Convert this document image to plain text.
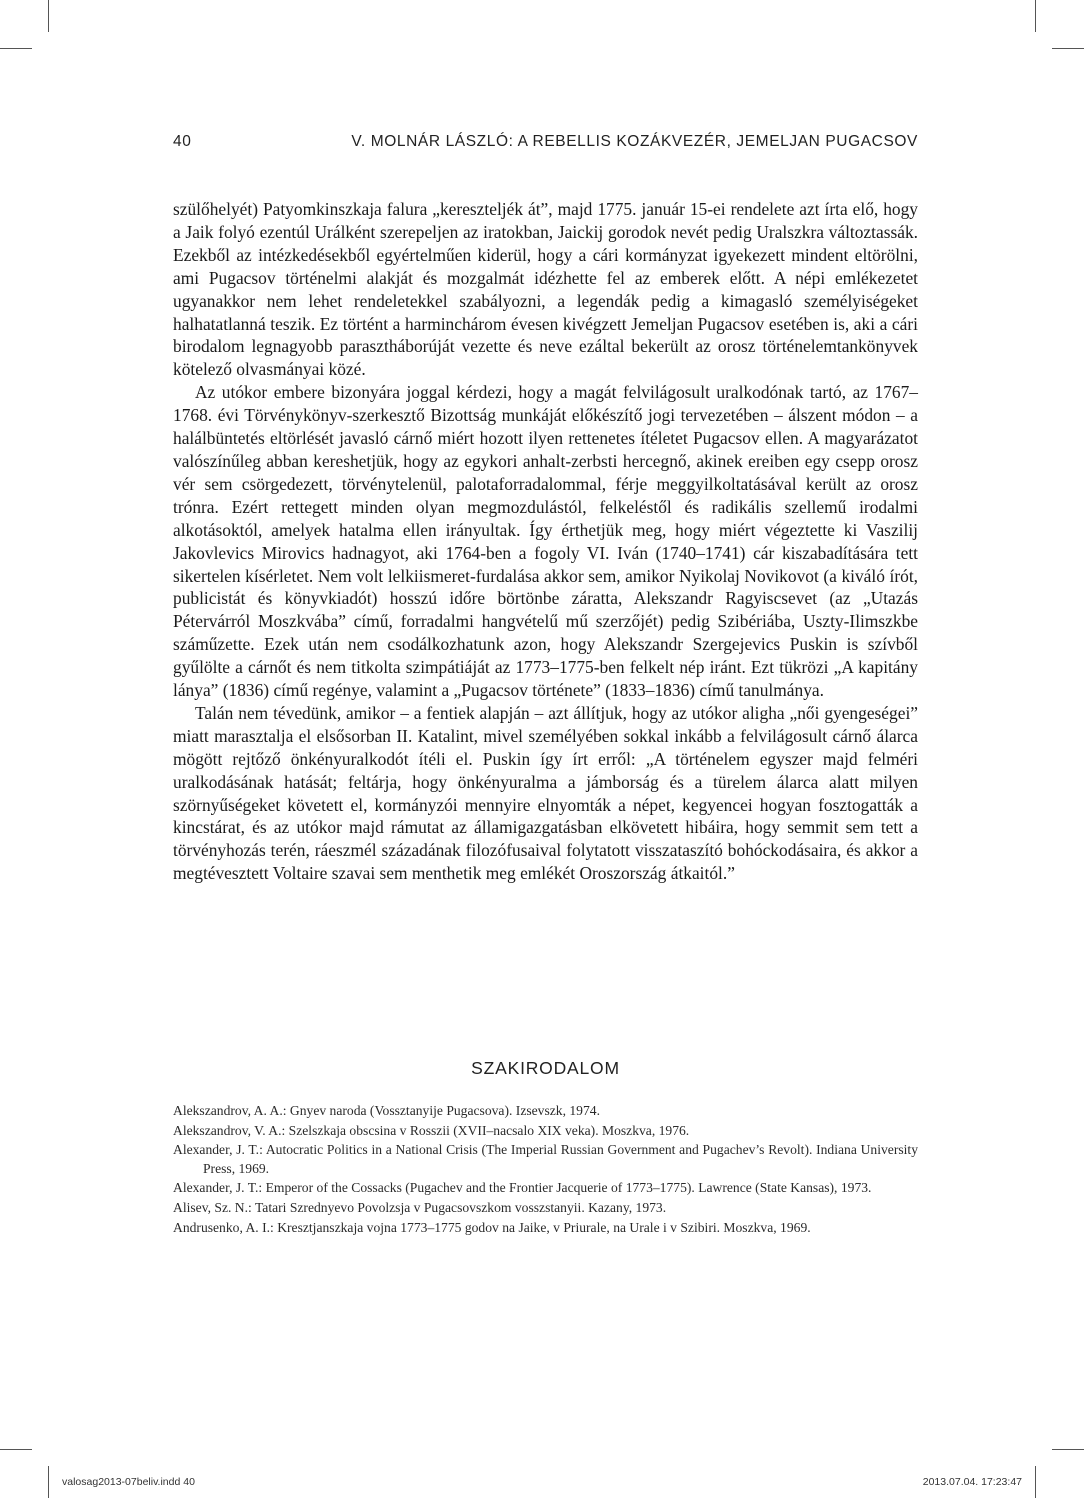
40	V. MOLNÁR LÁSZLÓ: A REBELLIS KOZÁKVEZÉR, JEMELJAN PUGACSOV

szülőhelyét) Patyomkinszkaja falura „kereszteljék át”, majd 1775. január 15-ei rendelete azt írta elő, hogy a Jaik folyó ezentúl Urálként szerepeljen az iratokban, Jaickij gorodok nevét pedig Uralszkra változtassák. Ezekből az intézkedésekből egyértelműen kiderül, hogy a cári kormányzat igyekezett mindent eltörölni, ami Pugacsov történelmi alakját és mozgalmát idézhette fel az emberek előtt. A népi emlékezetet ugyanakkor nem lehet rendeletekkel szabályozni, a legendák pedig a kimagasló személyiségeket halhatatlanná teszik. Ez történt a harminchárom évesen kivégzett Jemeljan Pugacsov esetében is, aki a cári birodalom legnagyobb parasztháborúját vezette és neve ezáltal bekerült az orosz történelemtankönyvek kötelező olvasmányai közé.

Az utókor embere bizonyára joggal kérdezi, hogy a magát felvilágosult uralkodónak tartó, az 1767–1768. évi Törvénykönyv-szerkesztő Bizottság munkáját előkészítő jogi tervezetében – álszent módon – a halálbüntetés eltörlését javasló cárnő miért hozott ilyen rettenetes ítéletet Pugacsov ellen. A magyarázatot valószínűleg abban kereshetjük, hogy az egykori anhalt-zerbsti hercegnő, akinek ereiben egy csepp orosz vér sem csörgedezett, törvénytelenül, palotaforradalommal, férje meggyilkoltatásával került az orosz trónra. Ezért rettegett minden olyan megmozdulástól, felkeléstől és radikális szellemű irodalmi alkotásoktól, amelyek hatalma ellen irányultak. Így érthetjük meg, hogy miért végeztette ki Vaszilij Jakovlevics Mirovics hadnagyot, aki 1764-ben a fogoly VI. Iván (1740–1741) cár kiszabadítására tett sikertelen kísérletet. Nem volt lelkiismeret-furdalása akkor sem, amikor Nyikolaj Novikovot (a kiváló írót, publicistát és könyvkiadót) hosszú időre börtönbe záratta, Alekszandr Ragyiscsevet (az „Utazás Pétervárról Moszkvába” című, forradalmi hangvételű mű szerzőjét) pedig Szibériába, Uszty-Ilimszkbe száműzette. Ezek után nem csodálkozhatunk azon, hogy Alekszandr Szergejevics Puskin is szívből gyűlölte a cárnőt és nem titkolta szimpátiáját az 1773–1775-ben felkelt nép iránt. Ezt tükrözi „A kapitány lánya” (1836) című regénye, valamint a „Pugacsov története” (1833–1836) című tanulmánya.

Talán nem tévedünk, amikor – a fentiek alapján – azt állítjuk, hogy az utókor aligha „női gyengeségei” miatt marasztalja el elsősorban II. Katalint, mivel személyében sokkal inkább a felvilágosult cárnő álarca mögött rejtőző önkényuralkodót ítéli el. Puskin így írt erről: „A történelem egyszer majd felméri uralkodásának hatását; feltárja, hogy önkényuralma a jámborság és a türelem álarca alatt milyen szörnyűségeket követett el, kormányzói mennyire elnyomták a népet, kegyencei hogyan fosztogatták a kincstárat, és az utókor majd rámutat az államigazgatásban elkövetett hibáira, hogy semmit sem tett a törvényhozás terén, ráeszmél századának filozófusaival folytatott visszataszító bohóckodásaira, és akkor a megtévesztett Voltaire szavai sem menthetik meg emlékét Oroszország átkaitól.”

SZAKIRODALOM
Alekszandrov, A. A.: Gnyev naroda (Vossztanyije Pugacsova). Izsevszk, 1974.
Alekszandrov, V. A.: Szelszkaja obscsina v Rosszii (XVII–nacsalo XIX veka). Moszkva, 1976.
Alexander, J. T.: Autocratic Politics in a National Crisis (The Imperial Russian Government and Pugachev’s Revolt). Indiana University Press, 1969.
Alexander, J. T.: Emperor of the Cossacks (Pugachev and the Frontier Jacquerie of 1773–1775). Lawrence (State Kansas), 1973.
Alisev, Sz. N.: Tatari Szrednyevo Povolzsja v Pugacsovszkom vosszstanyii. Kazany, 1973.
Andrusenko, A. I.: Kresztjanszkaja vojna 1773–1775 godov na Jaike, v Priurale, na Urale i v Szibiri. Moszkva, 1969.
valosag2013-07beliv.indd 40	2013.07.04. 17:23:47
